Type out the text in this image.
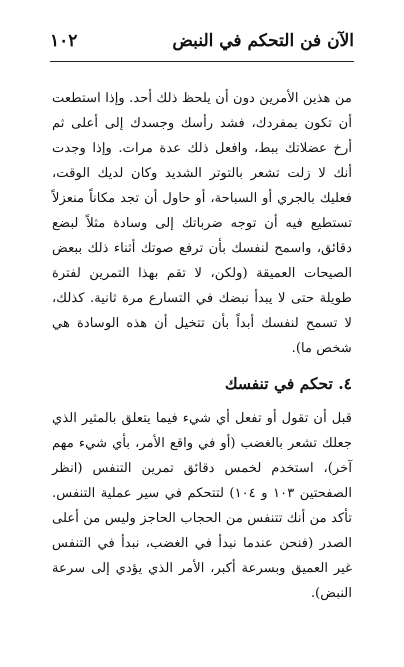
الآن فن التحكم في النبض
١٠٢

من هذين الأمرين دون أن يلحظ ذلك أحد. وإذا استطعت أن تكون بمفردك، فشد رأسك وجسدك إلى أعلى ثم أرخ عضلاتك ببط، وافعل ذلك عدة مرات. وإذا وجدت أنك لا زلت تشعر بالتوتر الشديد وكان لديك الوقت، فعليك بالجري أو السباحة، أو حاول أن تجد مكاناً منعزلاً تستطيع فيه أن توجه ضرباتك إلى وسادة مثلاً لبضع دقائق، واسمح لنفسك بأن ترفع صوتك أثناء ذلك ببعض الصيحات العميقة (ولكن، لا تقم بهذا التمرين لفترة طويلة حتى لا يبدأ نبضك في التسارع مرة ثانية. كذلك، لا تسمح لنفسك أبداً بأن تتخيل أن هذه الوسادة هي شخص ما).

٤. تحكم في تنفسك

قبل أن تقول أو تفعل أي شيء فيما يتعلق بالمثير الذي جعلك تشعر بالغضب (أو في واقع الأمر، بأي شيء مهم آخر)، استخدم لخمس دقائق تمرين التنفس (انظر الصفحتين ١٠٣ و ١٠٤) لتتحكم في سير عملية التنفس. تأكد من أنك تتنفس من الحجاب الحاجز وليس من أعلى الصدر (فنحن عندما نبدأ في الغضب، نبدأ في التنفس غير العميق وبسرعة أكبر، الأمر الذي يؤدي إلى سرعة النبض).
